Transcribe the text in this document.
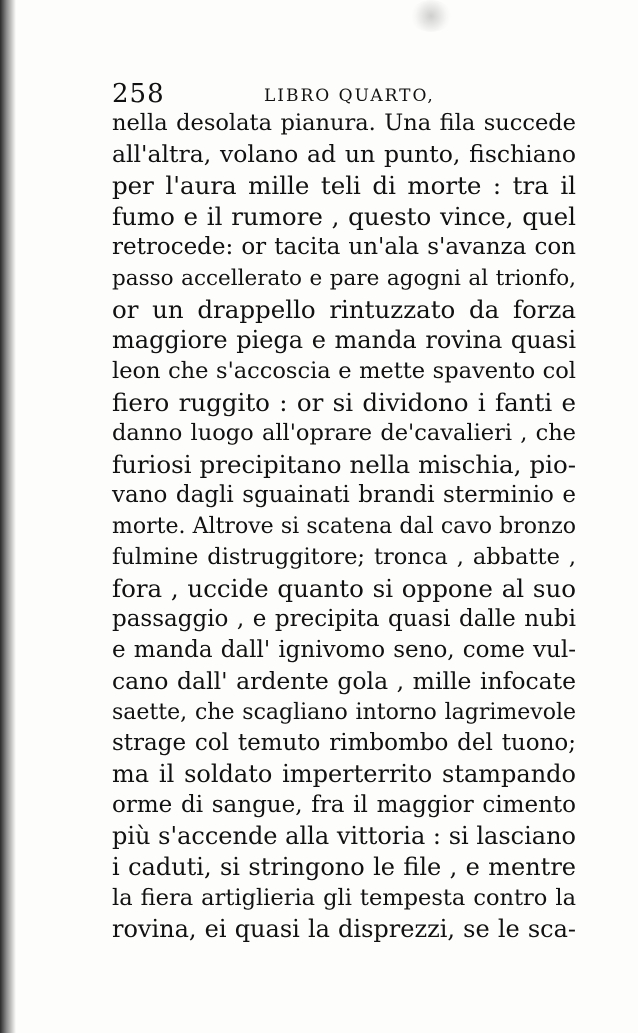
258	LIBRO QUARTO,
nella desolata pianura. Una fila succede
all'altra, volano ad un punto, fischiano
per l'aura mille teli di morte : tra il
fumo e il rumore , questo vince, quel
retrocede: or tacita un'ala s'avanza con
passo accellerato e pare agogni al trionfo,
or un drappello rintuzzato da forza
maggiore piega e manda rovina quasi
leon che s'accoscia e mette spavento col
fiero ruggito : or si dividono i fanti e
danno luogo all'oprare de'cavalieri , che
furiosi precipitano nella mischia, pio-
vano dagli sguainati brandi sterminio e
morte. Altrove si scatena dal cavo bronzo
fulmine distruggitore; tronca , abbatte ,
fora , uccide quanto si oppone al suo
passaggio , e precipita quasi dalle nubi
e manda dall' ignivomo seno, come vul-
cano dall' ardente gola , mille infocate
saette, che scagliano intorno lagrimevole
strage col temuto rimbombo del tuono;
ma il soldato imperterrito stampando
orme di sangue, fra il maggior cimento
più s'accende alla vittoria : si lasciano
i caduti, si stringono le file , e mentre
la fiera artiglieria gli tempesta contro la
rovina, ei quasi la disprezzi, se le sca-
